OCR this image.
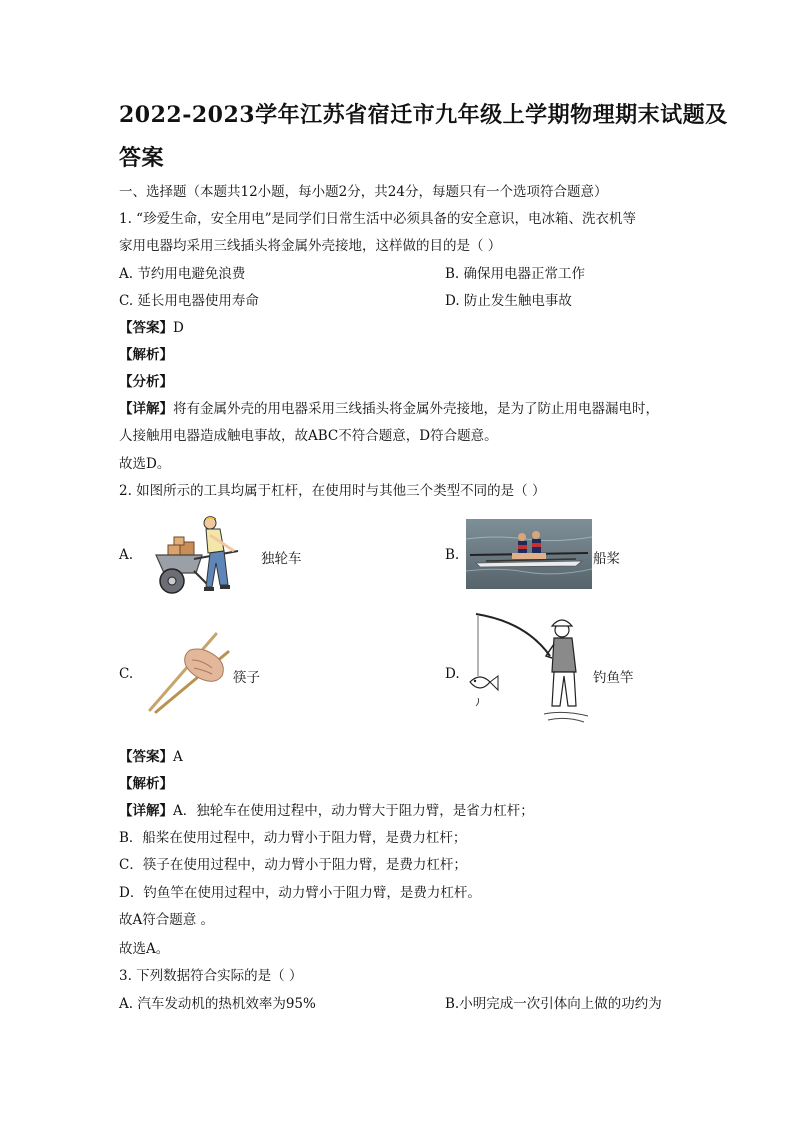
2022-2023学年江苏省宿迁市九年级上学期物理期末试题及
答案
一、选择题（本题共12小题，每小题2分，共24分，每题只有一个选项符合题意）
1. “珍爱生命，安全用电”是同学们日常生活中必须具备的安全意识，电冰箱、洗衣机等
家用电器均采用三线插头将金属外壳接地，这样做的目的是（ ）
A. 节约用电避免浪费	B. 确保用电器正常工作
C. 延长用电器使用寿命	D. 防止发生触电事故
【答案】D
【解析】
【分析】
【详解】将有金属外壳的用电器采用三线插头将金属外壳接地，是为了防止用电器漏电时，
人接触用电器造成触电事故，故ABC不符合题意，D符合题意。
故选D。
2. 如图所示的工具均属于杠杆，在使用时与其他三个类型不同的是（ ）
A.	独轮车	B.	船桨
C.	筷子	D.	钓鱼竿
【答案】A
【解析】
【详解】A．独轮车在使用过程中，动力臂大于阻力臂，是省力杠杆；
B．船桨在使用过程中，动力臂小于阻力臂，是费力杠杆；
C．筷子在使用过程中，动力臂小于阻力臂，是费力杠杆；
D．钓鱼竿在使用过程中，动力臂小于阻力臂，是费力杠杆。
故A符合题意 。
故选A。
3. 下列数据符合实际的是（ ）
A. 汽车发动机的热机效率为95%	B.小明完成一次引体向上做的功约为
